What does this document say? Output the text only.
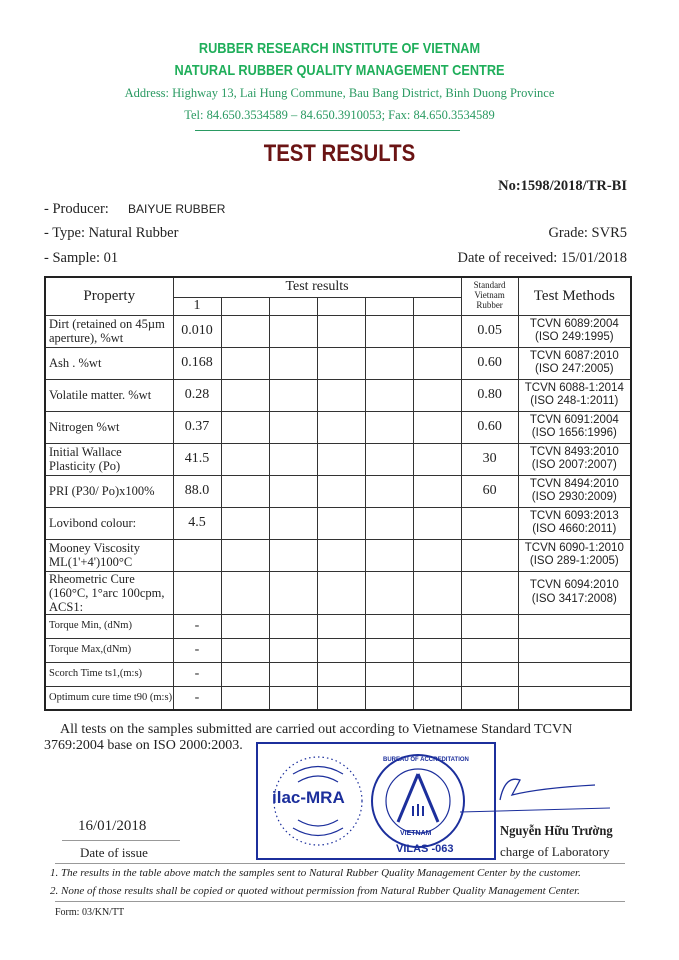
RUBBER RESEARCH INSTITUTE OF VIETNAM
NATURAL RUBBER QUALITY MANAGEMENT CENTRE
Address: Highway 13, Lai Hung Commune, Bau Bang District, Binh Duong Province
Tel: 84.650.3534589 – 84.650.3910053; Fax: 84.650.3534589
TEST RESULTS
No:1598/2018/TR-BI
- Producer: BAIYUE RUBBER
- Type: Natural Rubber	Grade: SVR5
- Sample: 01	Date of received: 15/01/2018
Property	Test results						Standard Vietnam Rubber	Test Methods
	1							
Dirt (retained on 45µm aperture), %wt	0.010						0.05	TCVN 6089:2004
(ISO 249:1995)

Ash . %wt	0.168						0.60	TCVN 6087:2010
(ISO 247:2005)

Volatile matter. %wt	0.28						0.80	TCVN 6088-1:2014
(ISO 248-1:2011)

Nitrogen %wt	0.37						0.60	TCVN 6091:2004
(ISO 1656:1996)

Initial Wallace Plasticity (Po)	41.5						30	TCVN 8493:2010
(ISO 2007:2007)

PRI (P30/ Po)x100%	88.0						60	TCVN 8494:2010
(ISO 2930:2009)

Lovibond colour:	4.5							TCVN 6093:2013
(ISO 4660:2011)

Mooney Viscosity ML(1'+4')100°C								TCVN 6090-1:2010
(ISO 289-1:2005)

Rheometric Cure (160°C, 1°arc 100cpm, ACS1:								TCVN 6094:2010
(ISO 3417:2008)

Torque Min, (dNm)	-							

Torque Max,(dNm)	-							

Scorch Time ts1,(m:s)	-							

Optimum cure time t90 (m:s)	-							
All tests on the samples submitted are carried out according to Vietnamese Standard TCVN 3769:2004 base on ISO 2000:2003.
16/01/2018
Date of issue
ilac-MRA
BUREAU OF ACCREDITATION
VIETNAM
VILAS -063
Nguyễn Hữu Trường
charge of Laboratory
1. The results in the table above match the samples sent to Natural Rubber Quality Management Center by the customer.
2. None of those results shall be copied or quoted without permission from Natural Rubber Quality Management Center.
Form: 03/KN/TT
